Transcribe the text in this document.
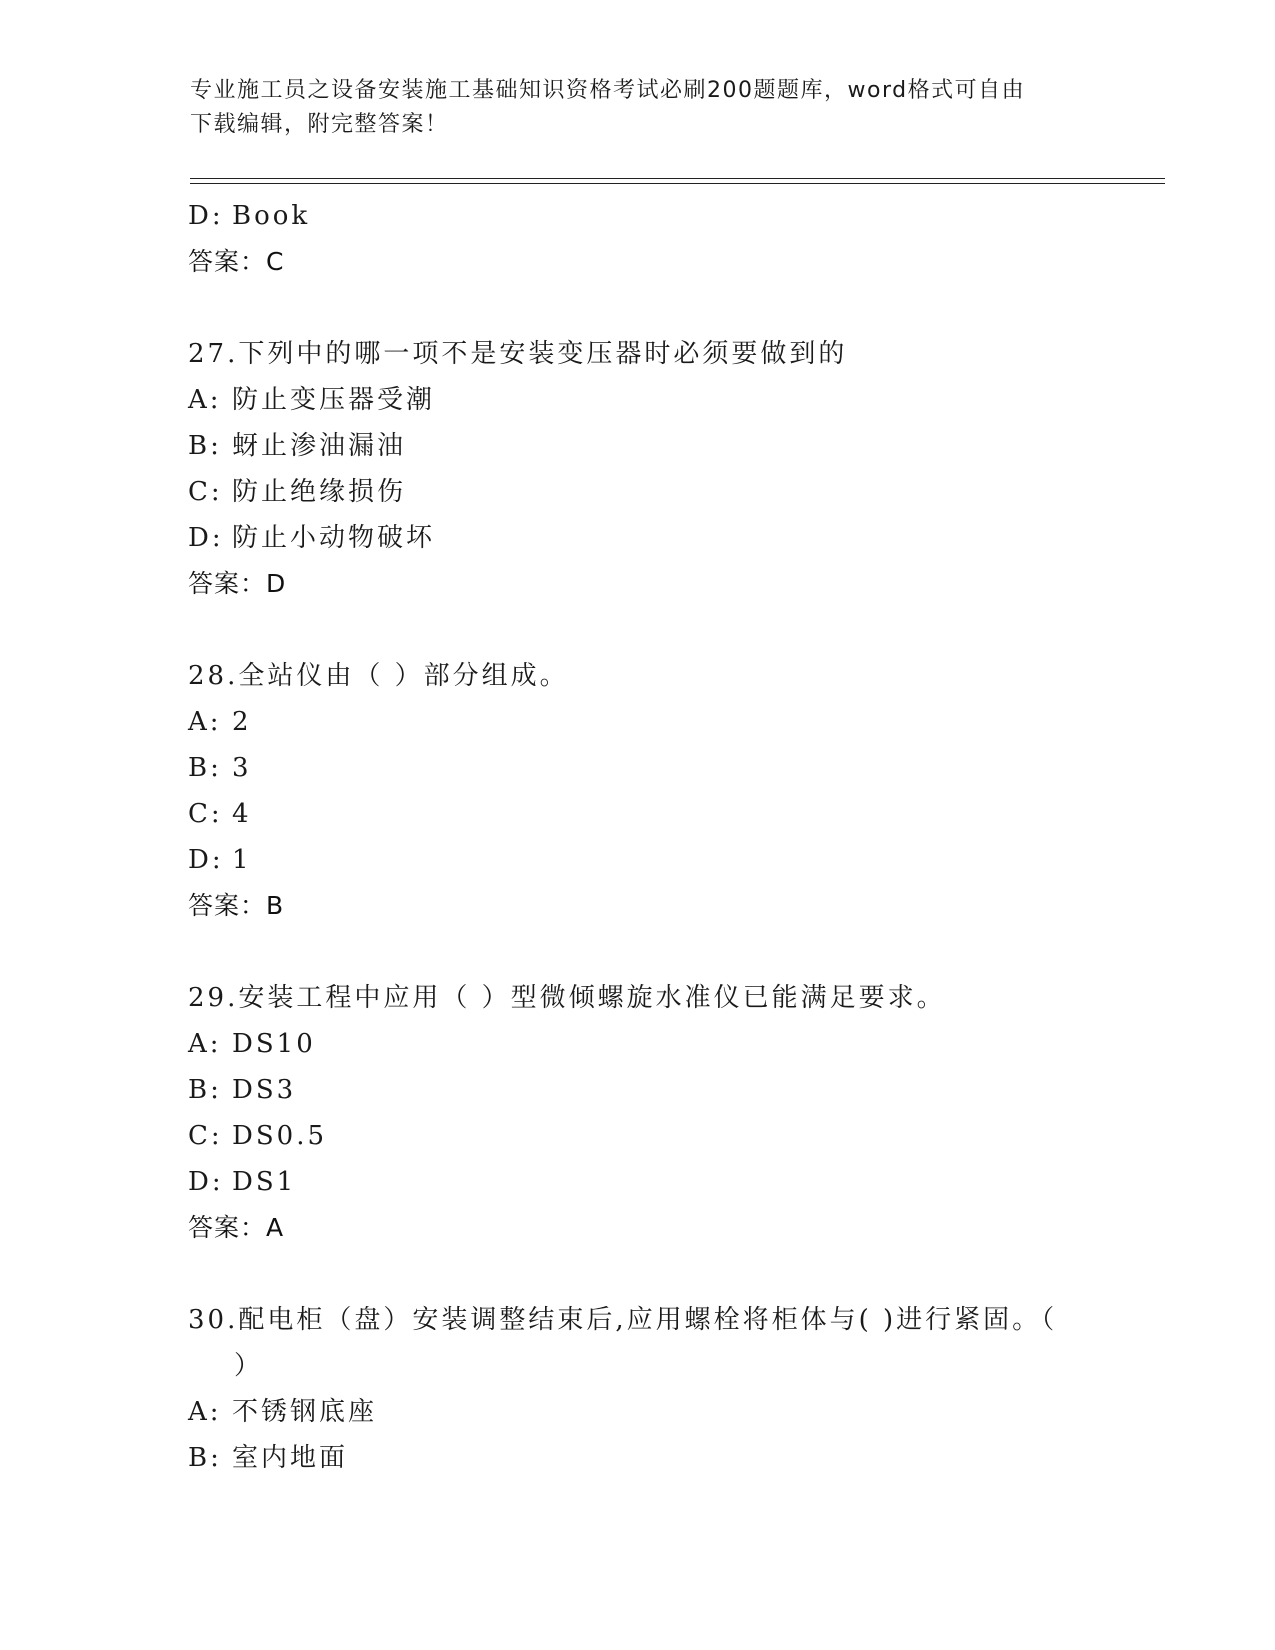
专业施工员之设备安装施工基础知识资格考试必刷200题题库，word格式可自由
下载编辑，附完整答案！
D: Book
答案：C
27. 下列中的哪一项不是安装变压器时必须要做到的
A: 防止变压器受潮
B: 蚜止渗油漏油
C: 防止绝缘损伤
D: 防止小动物破坏
答案：D
28. 全站仪由（ ）部分组成。
A: 2
B: 3
C: 4
D: 1
答案：B
29. 安装工程中应用（ ）型微倾螺旋水准仪已能满足要求。
A: DS10
B: DS3
C: DS0.5
D: DS1
答案：A
30. 配电柜（盘）安装调整结束后,应用螺栓将柜体与( )进行紧固。（
）
A: 不锈钢底座
B: 室内地面
